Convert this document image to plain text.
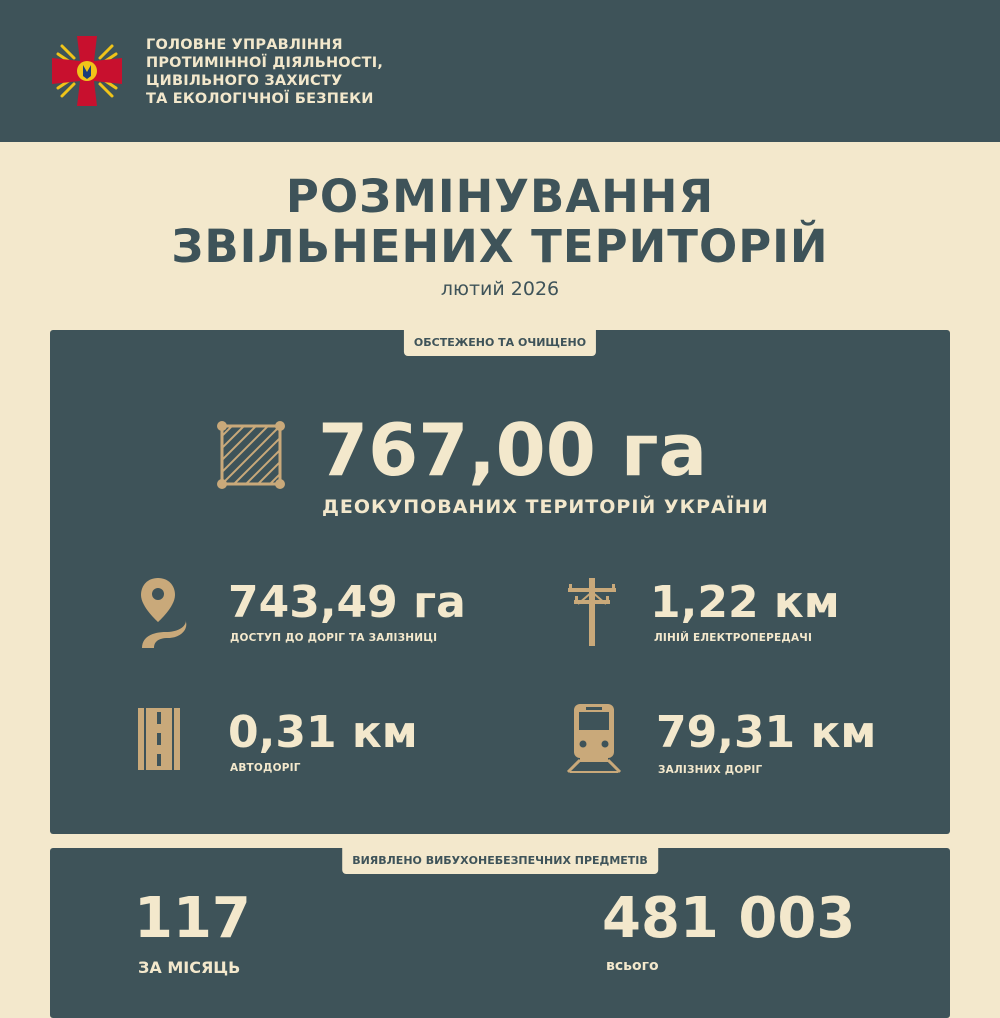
ГОЛОВНЕ УПРАВЛІННЯ
ПРОТИМІННОЇ ДІЯЛЬНОСТІ,
ЦИВІЛЬНОГО ЗАХИСТУ
ТА ЕКОЛОГІЧНОЇ БЕЗПЕКИ
РОЗМІНУВАННЯ
ЗВІЛЬНЕНИХ ТЕРИТОРІЙ
лютий 2026
ОБСТЕЖЕНО ТА ОЧИЩЕНО
767,00 га
ДЕОКУПОВАНИХ ТЕРИТОРІЙ УКРАЇНИ
743,49 га
ДОСТУП ДО ДОРІГ ТА ЗАЛІЗНИЦІ
1,22 км
ЛІНІЙ ЕЛЕКТРОПЕРЕДАЧІ
0,31 км
АВТОДОРІГ
79,31 км
ЗАЛІЗНИХ ДОРІГ
ВИЯВЛЕНО ВИБУХОНЕБЕЗПЕЧНИХ ПРЕДМЕТІВ
117
ЗА МІСЯЦЬ
481 003
всього
